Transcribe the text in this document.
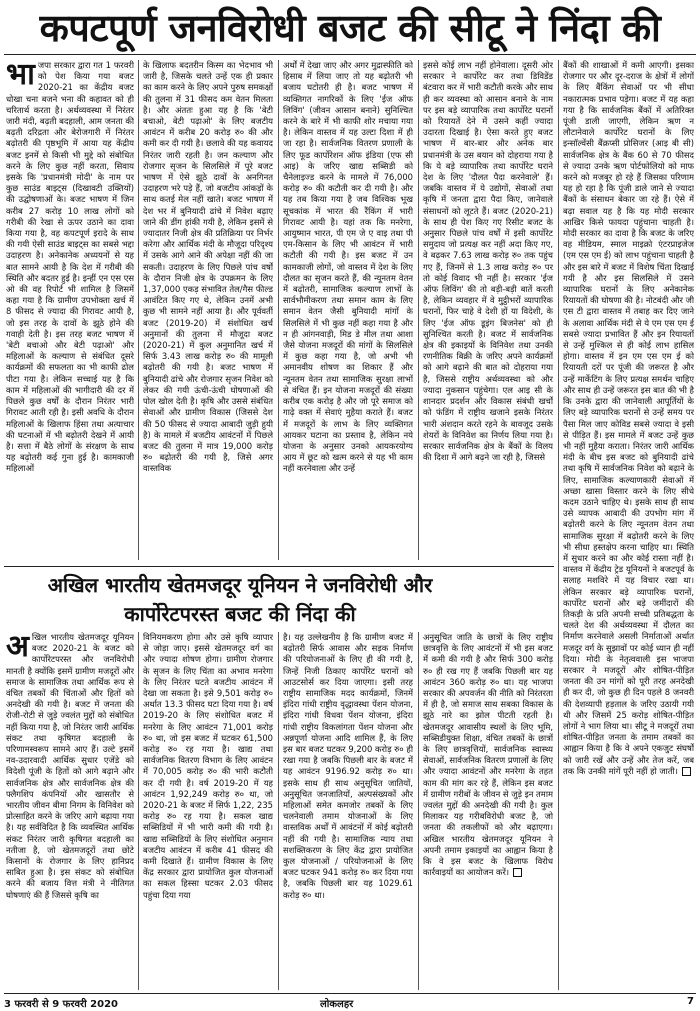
कपटपूर्ण जनविरोधी बजट की सीटू ने निंदा की

भाजपा सरकार द्वारा गत 1 फरवरी को पेश किया गया बजट 2020-21 का केंद्रीय बजट धोखा चना बजने भना की कहावत को ही चरितार्थ करता है। अर्थव्यवस्था में निरंतर जारी मंदी, बढ़ती बदहाली, आम जनता की बढ़ती दरिद्रता और बेरोजगारी में निरंतर बढ़ोतरी की पृष्ठभूमि में आया यह केंद्रीय बजट इनमें से किसी भी मुद्दे को संबोधित करने के लिए कुछ नहीं करता, सिवाय इसके कि 'प्रधानमंत्री मोदी' के नाम पर कुछ साउंड बाइट्स (दिखावटी उक्तियों) की उद्घोषणाओं के। बजट भाषण में जिन करीब 27 करोड़ 10 लाख लोगों को गरीबी की रेखा से ऊपर उठाने का दावा किया गया है, वह कपटपूर्ण इरादे के साथ की गयी ऐसी साउंड बाइट्स का सबसे भद्दा उदाहरण है। अनेकानेक अध्ययनों से यह बात सामने आयी है कि देश में गरीबी की स्थिति और बदतर हुई है। इन्हीं एन एस एस ओ की वह रिपोर्ट भी शामिल है जिसमें कहा गया है कि ग्रामीण उपभोक्ता खर्च में 8 फीसद से ज्यादा की गिरावट आयी है, जो इस तरह के दावों के झूठे होने की गवाही देती है। इस तरह बजट भाषण में 'बेटी बचाओ और बेटी पढ़ाओ' और महिलाओं के कल्याण से संबंधित दूसरे कार्यक्रमों की सफलता का भी काफी ढोल पीटा गया है। लेकिन सच्चाई यह है कि काम में महिलाओं की भागीदारी की दर में पिछले कुछ वर्षों के दौरान निरंतर भारी गिरावट आती रही है। इसी अवधि के दौरान महिलाओं के खिलाफ हिंसा तथा अत्याचार की घटनाओं में भी बढ़ोतरी देखने में आयी है। सत्ता में बैठे लोगों के संरक्षण के साथ यह बढ़ोतरी कई गुना हुई है। कामकाजी महिलाओं

के खिलाफ बदतरीन किस्म का भेदभाव भी जारी है, जिसके चलते उन्हें एक ही प्रकार का काम करने के लिए अपने पुरुष समकक्षों की तुलना में 31 फीसद कम वेतन मिलता है। और अंततः हुआ यह है कि 'बेटी बचाओ, बेटी पढ़ाओ' के लिए बजटीय आवंटन में करीब 20 करोड़ रु० की और कमी कर दी गयी है। छलावे की यह कवायद निरंतर जारी रहती है। जन कल्याण और रोजगार सृजन के सिलसिले में पूरे बजट भाषण में ऐसे झूठे दावों के अनगिनत उदाहरण भरे पड़े हैं, जो बजटीय आंकड़ों के साथ कतई मेल नहीं खाते। बजट भाषण में देश भर में बुनियादी ढांचे में निवेश बढ़ाए जाने की डींग हांकी गयी है, लेकिन इसमें से ज्यादातर निजी क्षेत्र की प्रतिक्रिया पर निर्भर करेगा और आर्थिक मंदी के मौजूदा परिदृश्य में उसके आगे आने की अपेक्षा नहीं की जा सकती। उदाहरण के लिए पिछले पांच वर्षों के दौरान निजी क्षेत्र के उपक्रमन के लिए 1,37,000 एकड़ संभावित तेल/गैस फील्ड आवंटित किए गए थे, लेकिन उनमें अभी कुछ भी सामने नहीं आया है। और पूर्ववर्ती बजट (2019-20) में संशोधित खर्च अनुमानों की तुलना में मौजूदा बजट (2020-21) में कुल अनुमानित खर्च में सिर्फ 3.43 लाख करोड़ रु० की मामूली बढ़ोतरी की गयी है। बजट भाषण में बुनियादी ढांचे और रोजगार सृजन निवेश को लेकर की गयी ऊंची-ऊंची घोषणाओं की पोल खोल देती है। कृषि और उससे संबंधित सेवाओं और ग्रामीण विकास (जिससे देश की 50 फीसद से ज्यादा आबादी जुड़ी हुयी है) के मामले में बजटीय आवंटनों में पिछले बजट की तुलना में मात्र 19,000 करोड़ रु० बढ़ोतरी की गयी है, जिसे अगर वास्तविक

अर्थों में देखा जाए और अगर मुद्रास्फीति को हिसाब में लिया जाए तो यह बढ़ोतरी भी बजाय घटोतरी ही है। बजट भाषण में व्यक्तिगत नागरिकों के लिए 'ईज ऑफ लिविंग' (जीवन आसान बनाने) सुनिश्चित करने के बारे में भी काफी शोर मचाया गया है। लेकिन वास्तव में यह उल्टा दिशा में ही जा रहा है। सार्वजनिक वितरण प्रणाली के लिए फूड कार्पोरेशन ऑफ इंडिया (एफ सी आइ) के जरिए खाद्य सब्सिडी को चैनेलाइज्ड करने के मामले में 76,000 करोड़ रु० की कटौती कर दी गयी है। और यह तब किया गया है जब विश्विक भूख सूचकांक में भारत की रैंकिंग में भारी गिरावट आयी है। यहां तक कि मनरेगा, आयुष्मान भारत, पी एम जे ए वाइ तथा पी एम-किसान के लिए भी आवंटन में भारी कटौती की गयी है। इस बजट में उन कामकाजी लोगों, जो वास्तव में देश के लिए दौलत का सृजन करते हैं, की न्यूनतम वेतन में बढ़ोतरी, सामाजिक कल्याण लाभों के सार्वभौमीकरण तथा समान काम के लिए समान वेतन जैसी बुनियादी मांगों के सिलसिले में भी कुछ नहीं कहा गया है और न ही आंगनवाड़ी, मिड डे मील तथा आशा जैसे योजना मजदूरों की मांगों के सिलसिले में कुछ कहा गया है, जो अभी भी अमानवीय शोषण का शिकार हैं और न्यूनतम वेतन तथा सामाजिक सुरक्षा लाभों से वंचित हैं। इन योजना मजदूरों की संख्या करीब एक करोड़ है और जो पूरे समाज को गाढ़े वक्त में सेवाएं मुहैया कराते हैं। बजट में मजदूरों के लाभ के लिए व्यक्तिगत आयकर घटाना का प्रस्ताव है, लेकिन नये योजना के अनुसार उनको आयकरयोग्य आय में छूट को खत्म करने से यह भी काम नहीं करनेवाला और उन्हें

इससे कोई लाभ नहीं होनेवाला। दूसरी ओर सरकार ने कार्पोरेट कर तथा डिविडेंड बंटवारा कर में भारी कटौती करके और साथ ही कर व्यवस्था को आसान बनाने के नाम पर इस बड़े व्यापारिक तथा कार्पोरेट घरानों को रियायतें देने में उसने कहीं ज्यादा उदारता दिखाई है। ऐसा करते हुए बजट भाषण में बार-बार और अनेक बार प्रधानमंत्री के उस बयान को दोहराया गया है कि ये बड़े व्यापारिक तथा कार्पोरेट घराने देश के लिए 'दौलत पैदा करनेवाले' हैं। जबकि वास्तव में ये उद्योगों, सेवाओं तथा कृषि में जनता द्वारा पैदा किए, जानेवाले संसाधनों को लूटते हैं। बजट (2020-21) के साथ ही पेश किए गए रिसीट बजट के अनुसार पिछले पांच वर्षों में इसी कार्पोरेट समुदाय जो प्रत्यक्ष कर नहीं अदा किए गए, वे बढ़कर 7.63 लाख करोड़ रु० तक पहुंच गए हैं, जिनमें से 1.3 लाख करोड़ रु० पर तो कोई विवाद भी नहीं है। सरकार 'ईज ऑफ लिविंग' की तो बड़ी-बड़ी बातें करती है, लेकिन व्यवहार में वे मुट्ठीभरों व्यापारिक घरानों, फिर चाहे वे देशी हों या विदेशी, के लिए 'ईज ऑफ डूइंग बिजनेस' को ही सुनिश्चित करती है। बजट में सार्वजनिक क्षेत्र की इकाइयों के विनिवेश तथा उनकी रणनीतिक बिक्री के जरिए अपने कार्यक्रमों को आगे बढ़ाने की बात को दोहराया गया है, जिससे राष्ट्रीय अर्थव्यवस्था को और ज्यादा नुकसान पहुंचेगा। एल आइ सी के शानदार प्रदर्शन और विकास संबंधी खर्चों को फंडिंग में राष्ट्रीय खजाने इसके निरंतर भारी अंशदान करते रहने के बावजूद उसके शेयरों के विनिवेश का निर्णय लिया गया है। सरकार सार्वजनिक क्षेत्र के बैंकों के विलय की दिशा में आगे बढ़ने जा रही है, जिससे

बैंकों की शाखाओं में कमी आएगी। इसका रोजगार पर और दूर-दराज के क्षेत्रों में लोगों के लिए बैंकिंग सेवाओं पर भी सीधा नकारात्मक प्रभाव पड़ेगा। बजट में यह कहा गया है कि सार्वजनिक बैंकों में अतिरिक्त पूंजी डाली जाएगी, लेकिन ऋण न लौटानेवाले कार्पोरेट घरानों के लिए इन्सॉल्वेंसी बैंक्रप्सी प्रोसिजर (आइ बी सी) सार्वजनिक क्षेत्र के बैंक 60 से 70 फीसद से ज्यादा उनके ऋण पोर्टफोलियो को माफ करने को मजबूर हो रहे हैं जिसका परिणाम यह हो रहा है कि पूंजी डाले जाने से ज्यादा बैंकों के संसाधन बेकार जा रहे हैं। ऐसे में बढ़ा सवाल यह है कि यह मोदी सरकार आखिर किसे फायदा पहुंचाना चाहती है। मोदी सरकार का दावा है कि बजट के जरिए वह मीडियम, स्माल माइक्रो एंटरप्राइजेज (एम एस एम ई) को लाभ पहुंचाना चाहती है और इस बारे में बजट में विशेष चिंता दिखाई गयी है और इस सिलसिले में उसने व्यापारिक घरानों के लिए अनेकानेक रियायतों की घोषणा की है। नोटबंदी और जी एस टी द्वारा वास्तव में तबाह कर दिए जाने के अलावा आर्थिक मंदी से ये एम एस एम ई सबसे ज्यादा प्रभावित हैं और इन रियायतों से उन्हें मुश्किल से ही कोई लाभ हासिल होगा। वास्तव में इन एम एस एम ई को रियायती दरों पर पूंजी की जरूरत है और उन्हें मार्केटिंग के लिए प्रत्यक्ष समर्थन चाहिए और साथ ही उन्हें जरूरत इस बात की भी है कि उनके द्वारा की जानेवाली आपूर्तियों के लिए बड़े व्यापारिक घरानों से उन्हें समय पर पैसा मिल जाए कोविड सबसे ज्यादा वे इसी से पीड़ित हैं। इस मामले में बजट उन्हें कुछ भी नहीं मुहैया कराता। निरंतर जारी आर्थिक मंदी के बीच इस बजट को बुनियादी ढांचे तथा कृषि में सार्वजनिक निवेश को बढ़ाने के लिए, सामाजिक कल्याणकारी सेवाओं में अच्छा खासा विस्तार करने के लिए सीधे कदम उठाने चाहिए थे। इसके साथ ही साथ उसे व्यापक आबादी की उपभोग मांग में बढ़ोतरी करने के लिए न्यूनतम वेतन तथा सामाजिक सुरक्षा में बढ़ोतरी करने के लिए भी सीधा हस्तक्षेप करना चाहिए था। स्थिति में सुधार करने का और कोई रास्ता नहीं है। वास्तव में केंद्रीय ट्रेड यूनियनों ने बजटपूर्व के सलाह मशविरे में यह विचार रखा था। लेकिन सरकार बड़े व्यापारिक घरानों, कार्पोरेट घरानों और बड़े जमींदारों की तिकड़ी के प्रति अपनी सच्ची प्रतिबद्धता के चलते देश की अर्थव्यवस्था में दौलत का निर्माण करनेवाले असली निर्माताओं अर्थात मजदूर वर्ग के सुझावों पर कोई ध्यान ही नहीं दिया। मोदी के नेतृत्ववाली इस भाजपा सरकार ने मजदूरों और शोषित-पीड़ित जनता की उन मांगों को पूरी तरह अनदेखी ही कर दी, जो कुछ ही दिन पहले 8 जनवरी की देशव्यापी हड़ताल के जरिए उठायी गयी थी और जिसमें 25 करोड़ शोषित-पीड़ित लोगों ने भाग लिया था। सीटू ने मजदूरों तथा शोषित-पीड़ित जनता के तमाम तबकों का आह्वान किया है कि वे अपने एकजुट संघर्षों को जारी रखें और उन्हें और तेज करें, जब तक कि उनकी मांगें पूरी नहीं हो जाती।

अखिल भारतीय खेतमजदूर यूनियन ने जनविरोधी और कार्पोरेटपरस्त बजट की निंदा की

अखिल भारतीय खेतमजदूर यूनियन बजट 2020-21 के बजट को कार्पोरेटपरस्त और जनविरोधी मानती है क्योंकि इसमें ग्रामीण मजदूरों और समाज के सामाजिक तथा आर्थिक रूप से वंचित तबकों की चिंताओं और हितों को अनदेखी की गयी है। बजट में जनता की रोजी-रोटी से जुड़े ज्वलंत मुद्दों को संबोधित नहीं किया गया है, जो निरंतर जारी आर्थिक संकट तथा कृषिगत बदहाली के परिणामस्वरूप सामने आए हैं। उल्टे इसमें नव-उदारवादी आर्थिक सुधार एजेंडे को विदेशी पूंजी के हितों को आगे बढ़ाने और सार्वजनिक क्षेत्र और सार्वजनिक क्षेत्र की फ्लैगशिप कंपनियों और खासतौर से भारतीय जीवन बीमा निगम के विनिवेश को प्रोत्साहित करने के जरिए आगे बढ़ाया गया है। यह सर्वविदित है कि व्यवस्थित आर्थिक संकट निरंतर जारी कृषिगत बदहाली का नतीजा है, जो खेतमजदूरों तथा छोटे किसानों के रोजगार के लिए हानिप्रद साबित हुआ है। इस संकट को संबोधित करने की बजाय वित्त मंत्री ने नीतिगत घोषणाएं की हैं जिससे कृषि का

विनियमकरण होगा और उसे कृषि व्यापार से जोड़ा जाए। इससे खेतमजदूर वर्ग का और ज्यादा शोषण होगा। ग्रामीण रोजगार के सृजन के लिए चिंता का अभाव मनरेगा के लिए निरंतर घटते बजटीय आवंटन में देखा जा सकता है। इसे 9,501 करोड़ रु० अर्थात 13.3 फीसद घटा दिया गया है। वर्ष 2019-20 के लिए संशोधित बजट में मनरेगा के लिए आवंटन 71,001 करोड़ रु० था, जो इस बजट में घटकर 61,500 करोड़ रु० रह गया है। खाद्य तथा सार्वजनिक वितरण विभाग के लिए आवंटन में 70,005 करोड़ रु० की भारी कटौती कर दी गयी है। वर्ष 2019-20 में यह आवंटन 1,92,249 करोड़ रु० था, जो 2020-21 के बजट में सिर्फ 1,22, 235 करोड़ रु० रह गया है। सकल खाद्य सब्सिडियों में भी भारी कमी की गयी है। खाद्य सब्सिडियों के लिए संशोधित अनुमान बजटीय आवंटन में करीब 41 फीसद की कमी दिखाते हैं। ग्रामीण विकास के लिए केंद्र सरकार द्वारा प्रायोजित कुल योजनाओं का सकल हिस्सा घटकर 2.03 फीसद पहुंचा दिया गया

है। यह उल्लेखनीय है कि ग्रामीण बजट में बढ़ोतरी सिर्फ आवास और सड़क निर्माण की परियोजनाओं के लिए ही की गयी है, जिन्हें निजी ठिकाए कार्पोरेट घरानों को आउटसोर्स कर दिया जाएगा। इसी तरह राष्ट्रीय सामाजिक मदद कार्यक्रमों, जिनमें इंदिरा गांधी राष्ट्रीय वृद्धावस्था पेंशन योजना, इंदिरा गांधी विधवा पेंशन योजना, इंदिरा गांधी राष्ट्रीय विकलांगता पेंशन योजना और अन्नपूर्णा योजना आदि शामिल हैं, के लिए इस बार बजट घटकर 9,200 करोड़ रु० ही रखा गया है जबकि पिछली बार के बजट में यह आवंटन 9196.92 करोड़ रु० था। इसके साथ ही साथ अनुसूचित जातियों, अनुसूचित जनजातियों, अल्पसंख्यकों और महिलाओं समेत कमजोर तबकों के लिए चलनेवाली तमाम योजनाओं के लिए वास्तविक अर्थों में आवंटनों में कोई बढ़ोतरी नहीं की गयी है। सामाजिक न्याय तथा सशक्तिकरण के लिए केंद्र द्वारा प्रायोजित कुल योजनाओं / परियोजनाओं के लिए बजट घटकर 941 करोड़ रु० कर दिया गया है, जबकि पिछली बार यह 1029.61 करोड़ रु० था।

अनुसूचित जाति के छात्रों के लिए राष्ट्रीय छात्रवृत्ति के लिए आवंटनों में भी इस बजट में कमी की गयी है और सिर्फ 300 करोड़ रु० ही रख गए हैं जबकि पिछली बार यह आवंटन 360 करोड़ रु० था। यह भाजपा सरकार की अपवर्जन की नीति को निरंतरता में ही है, जो समाज साथ सबका विकास के झूठे नारे का झोल पीटती रहती है। खेतमजदूर आवासीय स्थलों के लिए भूमि, सब्सिडीयुक्त शिक्षा, वंचित तबकों के छात्रों के लिए छात्रवृत्तियों, सार्वजनिक स्वास्थ्य सेवाओं, सार्वजनिक वितरण प्रणालों के लिए और ज्यादा आवंटनों और मनरेगा के तहत काम की मांग कर रहे हैं, लेकिन इस बजट में ग्रामीण गरीबों के जीवन से जुड़े इन तमाम ज्वलंत मुद्दों की अनदेखी की गयी है। कुल मिलाकर यह गरीबविरोधी बजट है, जो जनता की तकलीफों को और बढ़ाएगा। अखिल भारतीय खेतमजदूर यूनियन ने अपनी तमाम इकाइयों का आह्वान किया है कि वे इस बजट के खिलाफ विरोध कार्रवाइयों का आयोजन करें।

3 फरवरी से 9 फरवरी 2020	लोकलहर	7
